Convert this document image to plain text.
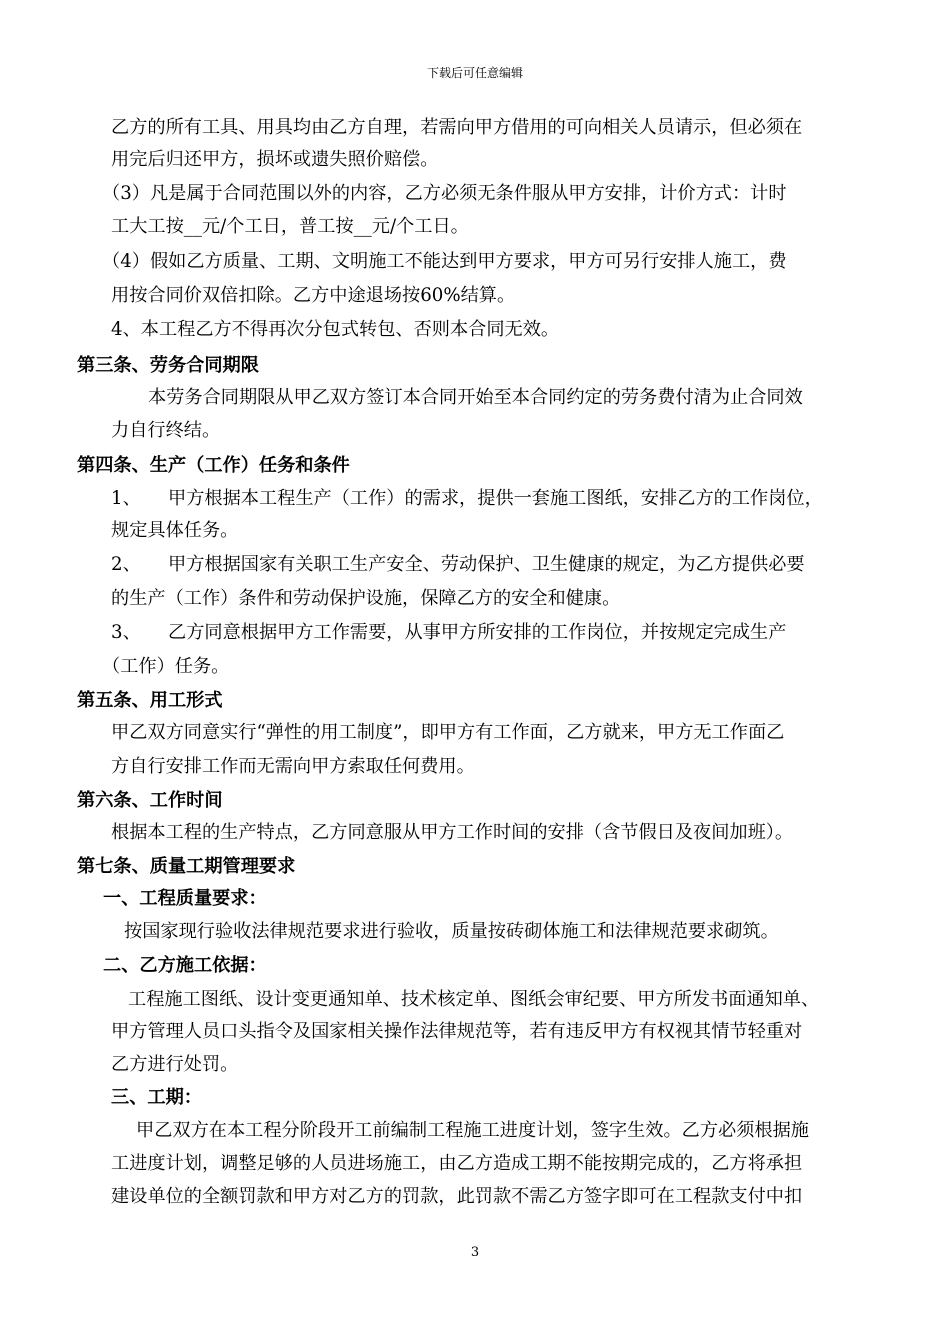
下载后可任意编辑
乙方的所有工具、用具均由乙方自理，若需向甲方借用的可向相关人员请示，但必须在
用完后归还甲方，损坏或遗失照价赔偿。
（3）凡是属于合同范围以外的内容，乙方必须无条件服从甲方安排，计价方式：计时
工大工按__元/个工日，普工按__元/个工日。
（4）假如乙方质量、工期、文明施工不能达到甲方要求，甲方可另行安排人施工，费
用按合同价双倍扣除。乙方中途退场按60%结算。
4、本工程乙方不得再次分包式转包、否则本合同无效。
第三条、劳务合同期限
本劳务合同期限从甲乙双方签订本合同开始至本合同约定的劳务费付清为止合同效
力自行终结。
第四条、生产（工作）任务和条件
1、　　甲方根据本工程生产（工作）的需求，提供一套施工图纸，安排乙方的工作岗位，
规定具体任务。
2、　　甲方根据国家有关职工生产安全、劳动保护、卫生健康的规定，为乙方提供必要
的生产（工作）条件和劳动保护设施，保障乙方的安全和健康。
3、　　乙方同意根据甲方工作需要，从事甲方所安排的工作岗位，并按规定完成生产
（工作）任务。
第五条、用工形式
甲乙双方同意实行“弹性的用工制度”，即甲方有工作面，乙方就来，甲方无工作面乙
方自行安排工作而无需向甲方索取任何费用。
第六条、工作时间
根据本工程的生产特点，乙方同意服从甲方工作时间的安排（含节假日及夜间加班）。
第七条、质量工期管理要求
一、工程质量要求：
按国家现行验收法律规范要求进行验收，质量按砖砌体施工和法律规范要求砌筑。
二、乙方施工依据：
工程施工图纸、设计变更通知单、技术核定单、图纸会审纪要、甲方所发书面通知单、
甲方管理人员口头指令及国家相关操作法律规范等，若有违反甲方有权视其情节轻重对
乙方进行处罚。
三、工期：
甲乙双方在本工程分阶段开工前编制工程施工进度计划，签字生效。乙方必须根据施
工进度计划，调整足够的人员进场施工，由乙方造成工期不能按期完成的，乙方将承担
建设单位的全额罚款和甲方对乙方的罚款，此罚款不需乙方签字即可在工程款支付中扣
3
